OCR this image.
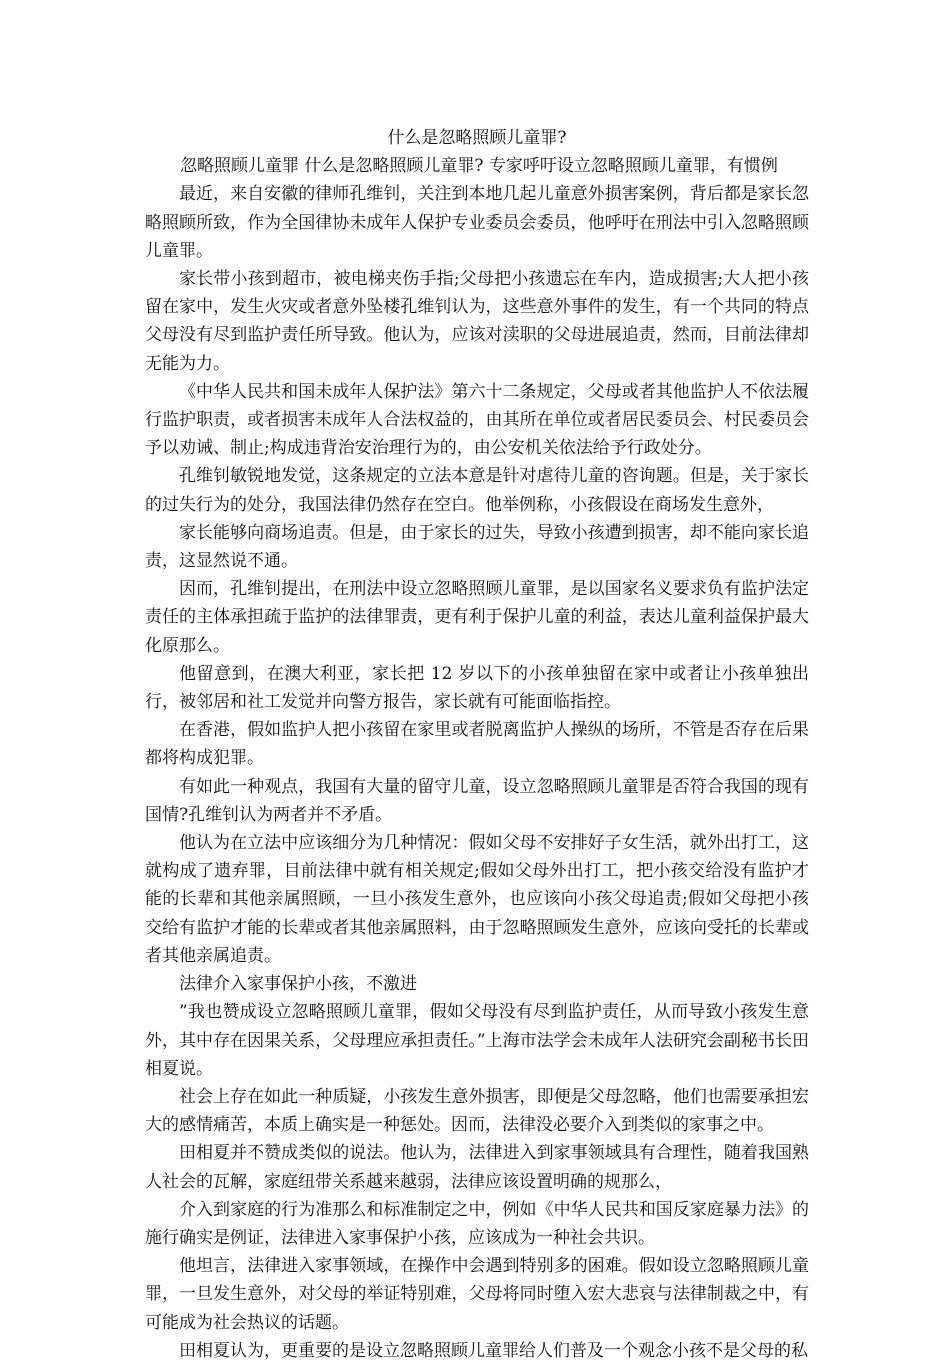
什么是忽略照顾儿童罪?

忽略照顾儿童罪 什么是忽略照顾儿童罪? 专家呼吁设立忽略照顾儿童罪，有惯例

最近，来自安徽的律师孔维钊，关注到本地几起儿童意外损害案例，背后都是家长忽略照顾所致，作为全国律协未成年人保护专业委员会委员，他呼吁在刑法中引入忽略照顾儿童罪。

家长带小孩到超市，被电梯夹伤手指;父母把小孩遗忘在车内，造成损害;大人把小孩留在家中，发生火灾或者意外坠楼孔维钊认为，这些意外事件的发生，有一个共同的特点父母没有尽到监护责任所导致。他认为，应该对渎职的父母进展追责，然而，目前法律却无能为力。

《中华人民共和国未成年人保护法》第六十二条规定，父母或者其他监护人不依法履行监护职责，或者损害未成年人合法权益的，由其所在单位或者居民委员会、村民委员会予以劝诫、制止;构成违背治安治理行为的，由公安机关依法给予行政处分。

孔维钊敏锐地发觉，这条规定的立法本意是针对虐待儿童的咨询题。但是，关于家长的过失行为的处分，我国法律仍然存在空白。他举例称，小孩假设在商场发生意外，

家长能够向商场追责。但是，由于家长的过失，导致小孩遭到损害，却不能向家长追责，这显然说不通。

因而，孔维钊提出，在刑法中设立忽略照顾儿童罪，是以国家名义要求负有监护法定责任的主体承担疏于监护的法律罪责，更有利于保护儿童的利益，表达儿童利益保护最大化原那么。

他留意到，在澳大利亚，家长把 12 岁以下的小孩单独留在家中或者让小孩单独出行，被邻居和社工发觉并向警方报告，家长就有可能面临指控。

在香港，假如监护人把小孩留在家里或者脱离监护人操纵的场所，不管是否存在后果都将构成犯罪。

有如此一种观点，我国有大量的留守儿童，设立忽略照顾儿童罪是否符合我国的现有国情?孔维钊认为两者并不矛盾。

他认为在立法中应该细分为几种情况：假如父母不安排好子女生活，就外出打工，这就构成了遗弃罪，目前法律中就有相关规定;假如父母外出打工，把小孩交给没有监护才能的长辈和其他亲属照顾，一旦小孩发生意外，也应该向小孩父母追责;假如父母把小孩交给有监护才能的长辈或者其他亲属照料，由于忽略照顾发生意外，应该向受托的长辈或者其他亲属追责。

法律介入家事保护小孩，不激进

”我也赞成设立忽略照顾儿童罪，假如父母没有尽到监护责任，从而导致小孩发生意外，其中存在因果关系，父母理应承担责任。”上海市法学会未成年人法研究会副秘书长田相夏说。

社会上存在如此一种质疑，小孩发生意外损害，即便是父母忽略，他们也需要承担宏大的感情痛苦，本质上确实是一种惩处。因而，法律没必要介入到类似的家事之中。

田相夏并不赞成类似的说法。他认为，法律进入到家事领域具有合理性，随着我国熟人社会的瓦解，家庭纽带关系越来越弱，法律应该设置明确的规那么，

介入到家庭的行为准那么和标准制定之中，例如《中华人民共和国反家庭暴力法》的施行确实是例证，法律进入家事保护小孩，应该成为一种社会共识。

他坦言，法律进入家事领域，在操作中会遇到特别多的困难。假如设立忽略照顾儿童罪，一旦发生意外，对父母的举证特别难，父母将同时堕入宏大悲哀与法律制裁之中，有可能成为社会热议的话题。

田相夏认为，更重要的是设立忽略照顾儿童罪给人们普及一个观念小孩不是父母的私
